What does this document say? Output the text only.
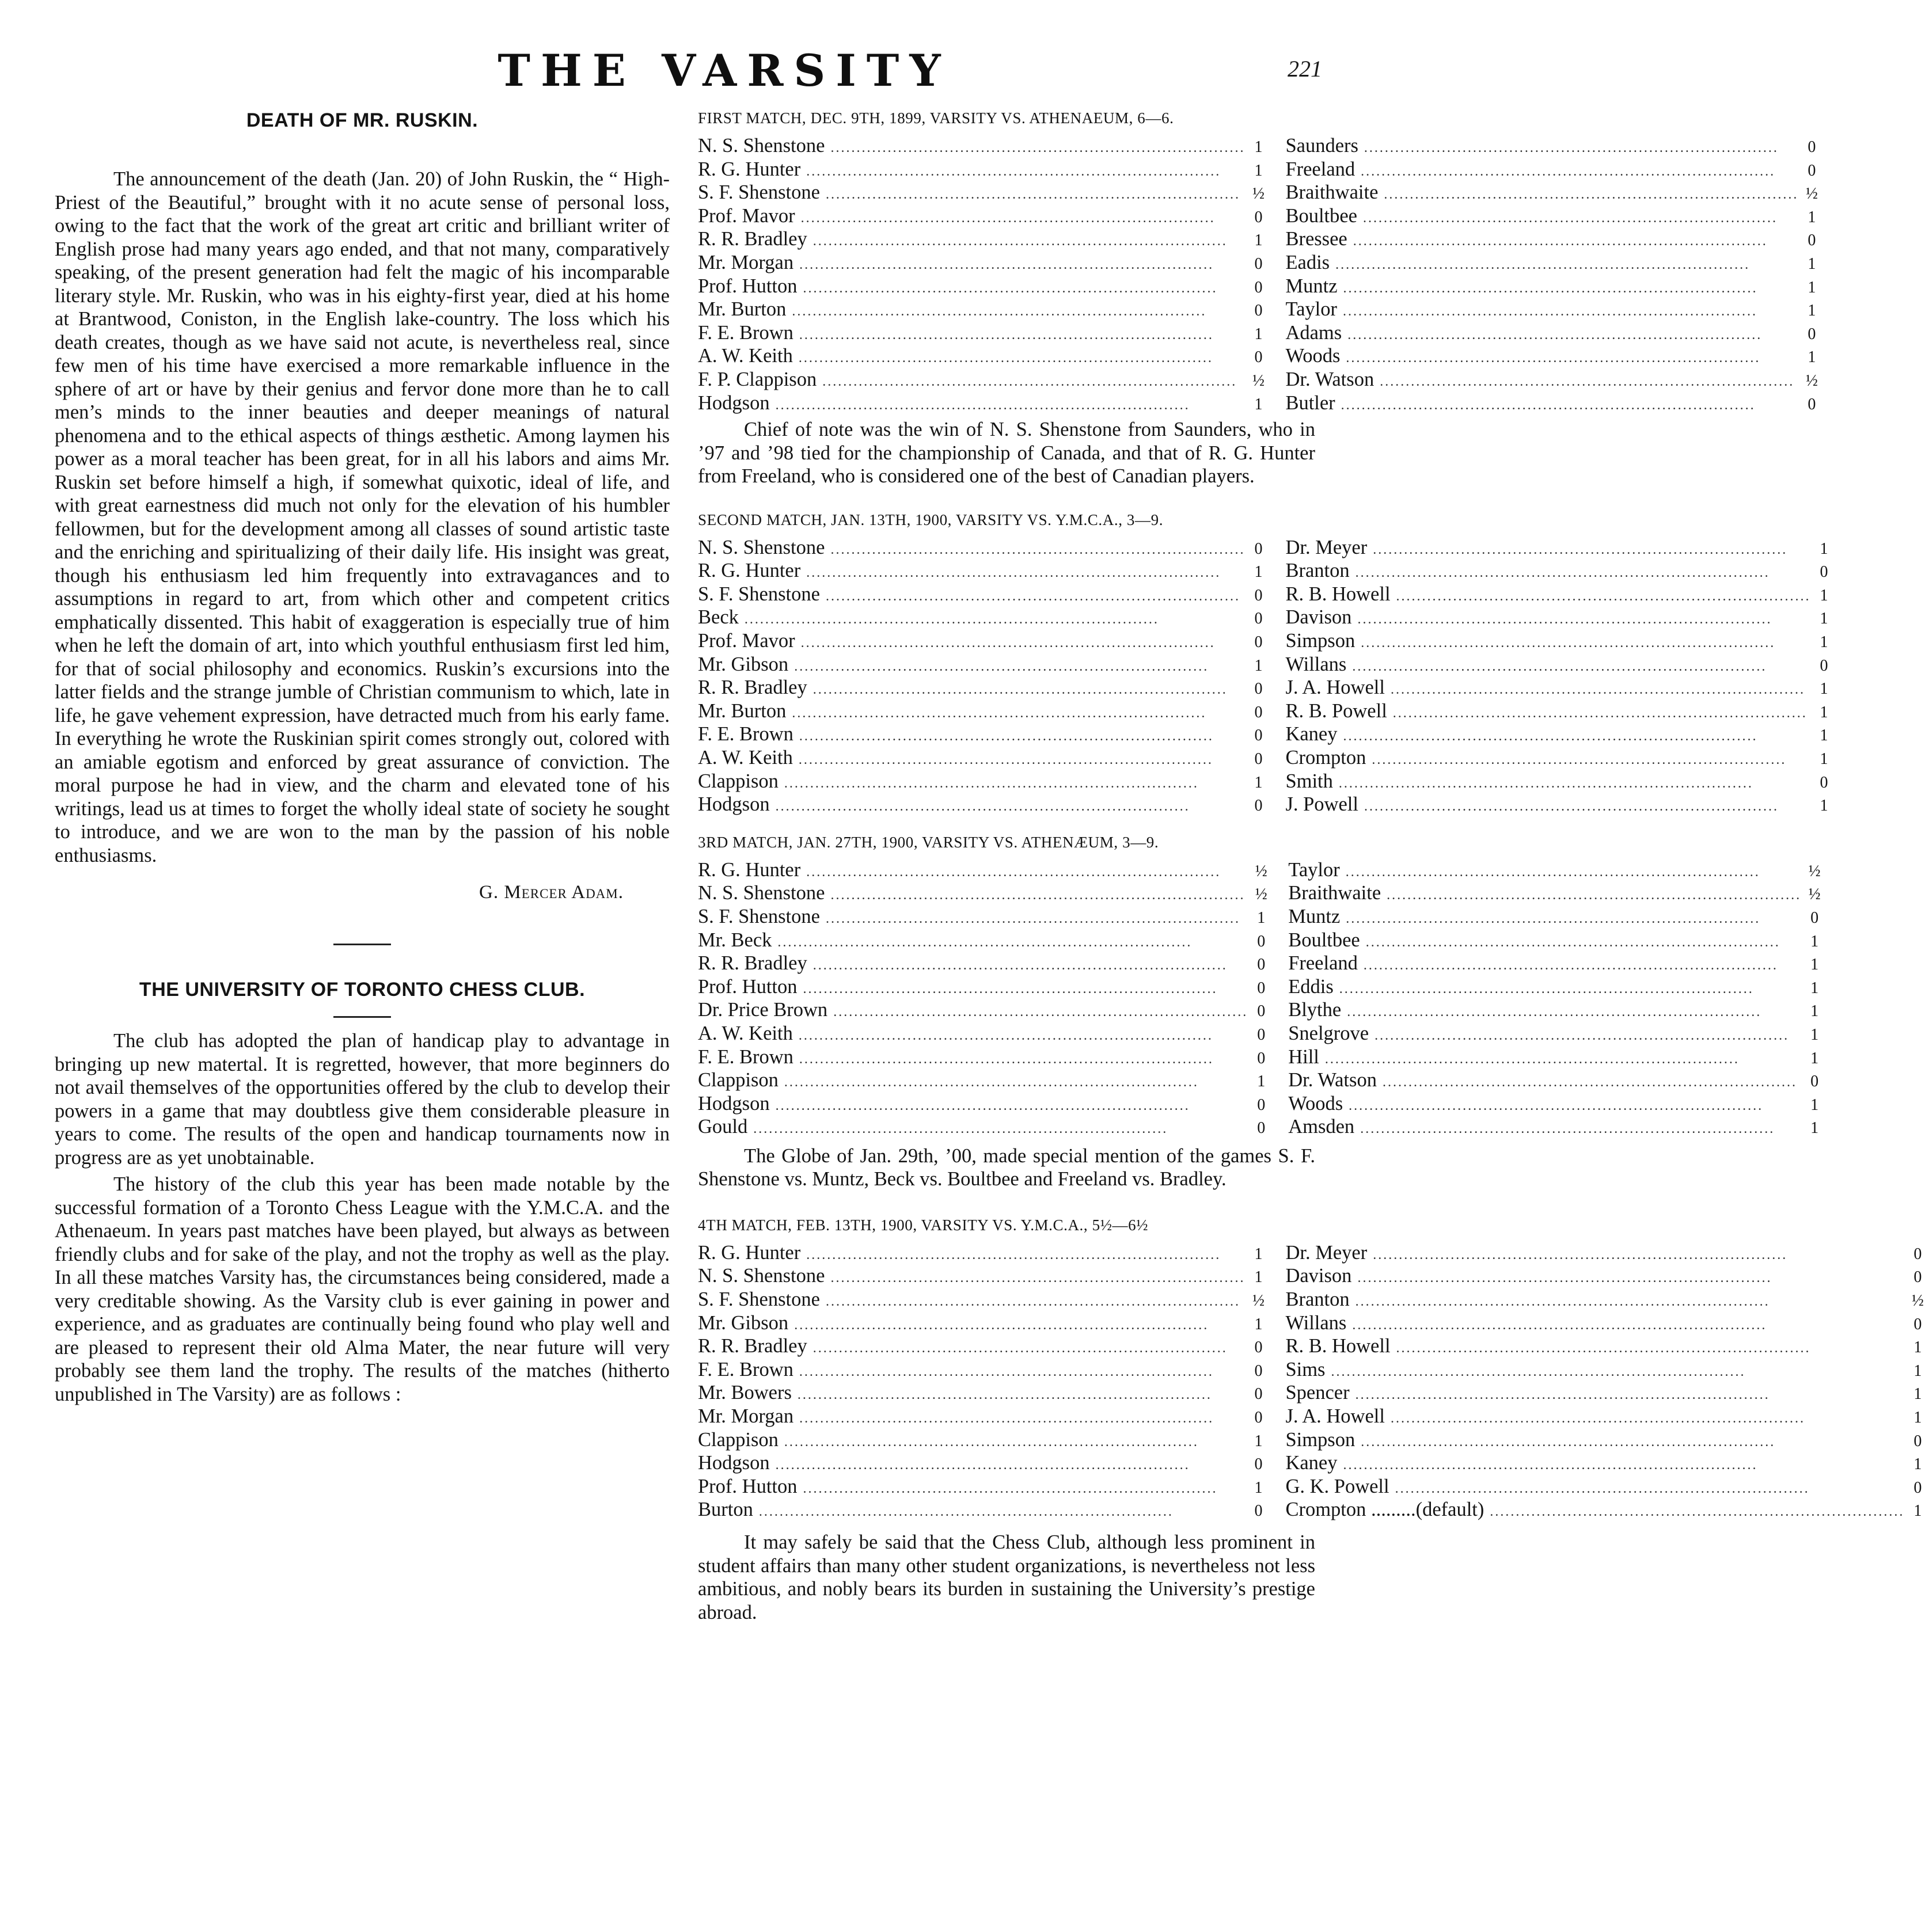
THE VARSITY	221
DEATH OF MR. RUSKIN.

The announcement of the death (Jan. 20) of John Ruskin, the “ High-Priest of the Beautiful,” brought with it no acute sense of personal loss, owing to the fact that the work of the great art critic and brilliant writer of English prose had many years ago ended, and that not many, comparatively speaking, of the present generation had felt the magic of his incomparable literary style. Mr. Ruskin, who was in his eighty-first year, died at his home at Brantwood, Coniston, in the English lake-country. The loss which his death creates, though as we have said not acute, is nevertheless real, since few men of his time have exercised a more remarkable influence in the sphere of art or have by their genius and fervor done more than he to call men’s minds to the inner beauties and deeper meanings of natural phenomena and to the ethical aspects of things æsthetic. Among laymen his power as a moral teacher has been great, for in all his labors and aims Mr. Ruskin set before himself a high, if somewhat quixotic, ideal of life, and with great earnestness did much not only for the elevation of his humbler fellowmen, but for the development among all classes of sound artistic taste and the enriching and spiritualizing of their daily life. His insight was great, though his enthusiasm led him frequently into extravagances and to assumptions in regard to art, from which other and competent critics emphatically dissented. This habit of exaggeration is especially true of him when he left the domain of art, into which youthful enthusiasm first led him, for that of social philosophy and economics. Ruskin’s excursions into the latter fields and the strange jumble of Christian communism to which, late in life, he gave vehement expression, have detracted much from his early fame. In everything he wrote the Ruskinian spirit comes strongly out, colored with an amiable egotism and enforced by great assurance of conviction. The moral purpose he had in view, and the charm and elevated tone of his writings, lead us at times to forget the wholly ideal state of society he sought to introduce, and we are won to the man by the passion of his noble enthusiasms.

G. Mercer Adam.
THE UNIVERSITY OF TORONTO CHESS CLUB.

The club has adopted the plan of handicap play to advantage in bringing up new matertal. It is regretted, however, that more beginners do not avail themselves of the opportunities offered by the club to develop their powers in a game that may doubtless give them considerable pleasure in years to come. The results of the open and handicap tournaments now in progress are as yet unobtainable.

The history of the club this year has been made notable by the successful formation of a Toronto Chess League with the Y.M.C.A. and the Athenaeum. In years past matches have been played, but always as between friendly clubs and for sake of the play, and not the trophy as well as the play. In all these matches Varsity has, the circumstances being considered, made a very creditable showing. As the Varsity club is ever gaining in power and experience, and as graduates are continually being found who play well and are pleased to represent their old Alma Mater, the near future will very probably see them land the trophy. The results of the matches (hitherto unpublished in The Varsity) are as follows :

FIRST MATCH, DEC. 9TH, 1899, VARSITY VS. ATHENAEUM, 6—6.
N. S. Shenstone ................................................................................ 1
R. G. Hunter ................................................................................	1
S. F. Shenstone ................................................................................ ½
Prof. Mavor ................................................................................	0
R. R. Bradley ................................................................................	1
Mr. Morgan ................................................................................	0
Prof. Hutton ................................................................................	0
Mr. Burton ................................................................................	0
F. E. Brown ................................................................................	1
A. W. Keith ................................................................................	0
F. P. Clappison ................................................................................ ½
Hodgson ................................................................................	1
Saunders ................................................................................	0
Freeland ................................................................................	0
Braithwaite ................................................................................ ½
Boultbee ................................................................................	1
Bressee ................................................................................	0
Eadis ................................................................................	1
Muntz ................................................................................	1
Taylor ................................................................................	1
Adams ................................................................................	0
Woods ................................................................................	1
Dr. Watson ................................................................................ ½
Butler ................................................................................	0

Chief of note was the win of N. S. Shenstone from Saunders, who in ’97 and ’98 tied for the championship of Canada, and that of R. G. Hunter from Freeland, who is considered one of the best of Canadian players.

SECOND MATCH, JAN. 13TH, 1900, VARSITY VS. Y.M.C.A., 3—9.
N. S. Shenstone ................................................................................ 0
R. G. Hunter ................................................................................	1
S. F. Shenstone ................................................................................ 0
Beck ................................................................................	0
Prof. Mavor ................................................................................	0
Mr. Gibson ................................................................................	1
R. R. Bradley ................................................................................	0
Mr. Burton ................................................................................	0
F. E. Brown ................................................................................	0
A. W. Keith ................................................................................	0
Clappison ................................................................................	1
Hodgson ................................................................................	0
Dr. Meyer ................................................................................	1
Branton ................................................................................	0
R. B. Howell ................................................................................ 1
Davison ................................................................................	1
Simpson ................................................................................	1
Willans ................................................................................	0
J. A. Howell ................................................................................ 1
R. B. Powell ................................................................................ 1
Kaney ................................................................................	1
Crompton ................................................................................	1
Smith ................................................................................	0
J. Powell ................................................................................	1
3RD MATCH, JAN. 27TH, 1900, VARSITY VS. ATHENÆUM, 3—9.
R. G. Hunter ................................................................................	½
N. S. Shenstone ................................................................................ ½
S. F. Shenstone ................................................................................	1
Mr. Beck ................................................................................	0
R. R. Bradley ................................................................................	0
Prof. Hutton ................................................................................	0
Dr. Price Brown ................................................................................ 0
A. W. Keith ................................................................................	0
F. E. Brown ................................................................................	0
Clappison ................................................................................	1
Hodgson ................................................................................	0
Gould ................................................................................	0
Taylor ................................................................................	½
Braithwaite ................................................................................ ½
Muntz ................................................................................	0
Boultbee ................................................................................	1
Freeland ................................................................................	1
Eddis ................................................................................	1
Blythe ................................................................................	1
Snelgrove ................................................................................	1
Hill ................................................................................	1
Dr. Watson ................................................................................ 0
Woods ................................................................................	1
Amsden ................................................................................	1

The Globe of Jan. 29th, ’00, made special mention of the games S. F. Shenstone vs. Muntz, Beck vs. Boultbee and Freeland vs. Bradley.

4TH MATCH, FEB. 13TH, 1900, VARSITY VS. Y.M.C.A., 5½—6½
R. G. Hunter ................................................................................	1
N. S. Shenstone ................................................................................ 1
S. F. Shenstone ................................................................................ ½
Mr. Gibson ................................................................................	1
R. R. Bradley ................................................................................	0
F. E. Brown ................................................................................	0
Mr. Bowers ................................................................................	0
Mr. Morgan ................................................................................	0
Clappison ................................................................................	1
Hodgson ................................................................................	0
Prof. Hutton ................................................................................	1
Burton ................................................................................	0
Dr. Meyer ................................................................................	0
Davison ................................................................................	0
Branton ................................................................................	½
Willans ................................................................................	0
R. B. Howell ................................................................................	1
Sims ................................................................................	1
Spencer ................................................................................	1
J. A. Howell ................................................................................	1
Simpson ................................................................................	0
Kaney ................................................................................	1
G. K. Powell ................................................................................	0
Crompton .........(default) ................................................................................ 1

It may safely be said that the Chess Club, although less prominent in student affairs than many other student organizations, is nevertheless not less ambitious, and nobly bears its burden in sustaining the University’s prestige abroad.
